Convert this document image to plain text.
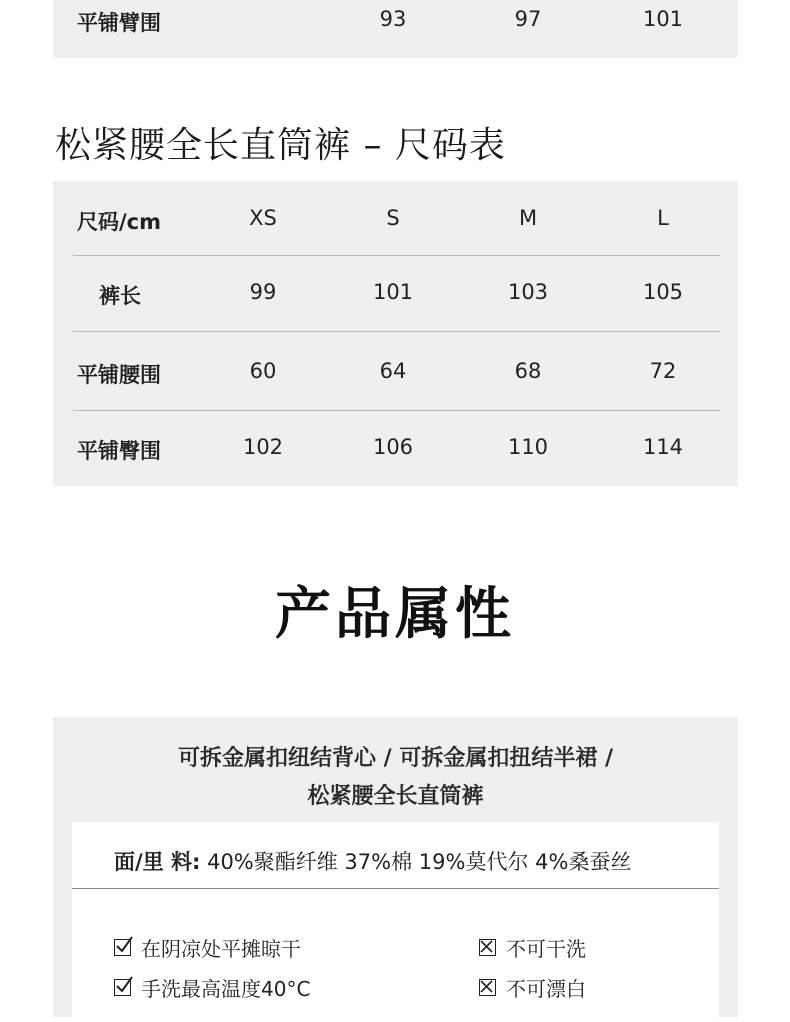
平铺臂围	93	97	101
松紧腰全长直筒裤 – 尺码表
尺码/cm	XS	S	M	L
裤长	99	101	103	105
平铺腰围	60	64	68	72
平铺臀围	102	106	110	114
产品属性
可拆金属扣纽结背心 / 可拆金属扣扭结半裙 /
松紧腰全长直筒裤
面/里 料: 40%聚酯纤维 37%棉 19%莫代尔 4%桑蚕丝
在阴凉处平摊晾干
手洗最高温度40°C
不可干洗
不可漂白
